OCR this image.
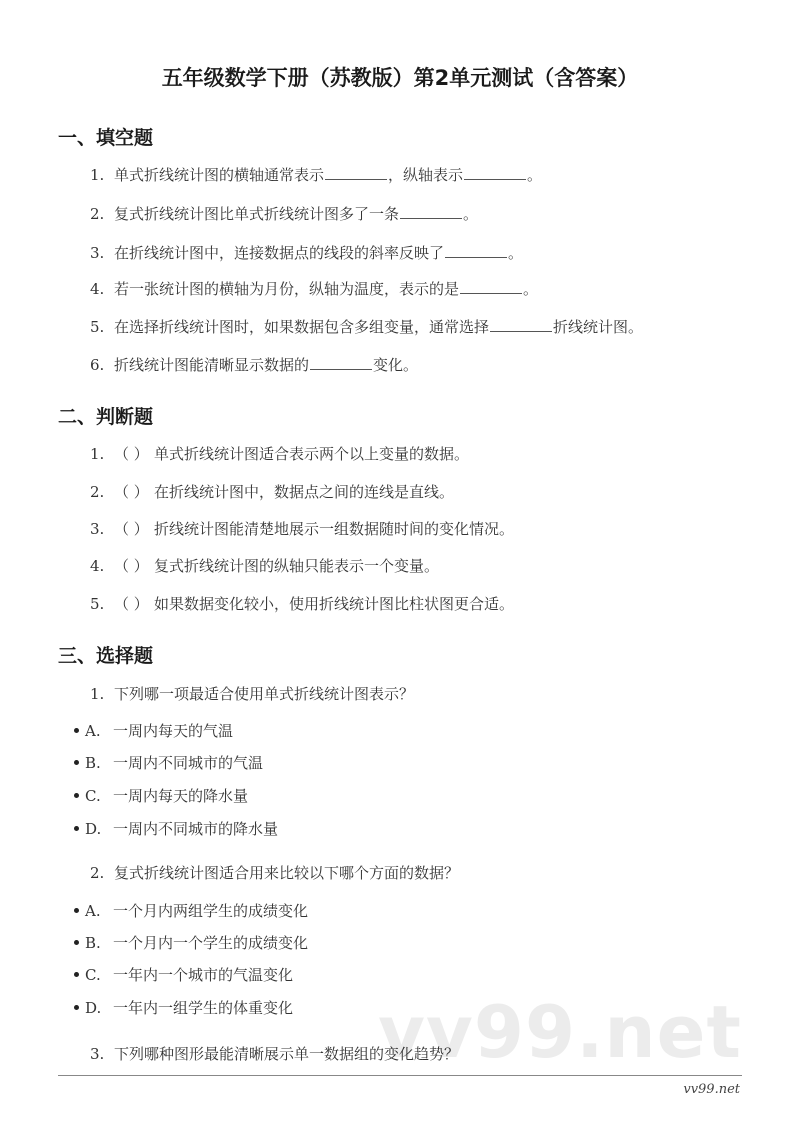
五年级数学下册（苏教版）第2单元测试（含答案）
一、填空题
1. 单式折线统计图的横轴通常表示	，纵轴表示	。
2. 复式折线统计图比单式折线统计图多了一条	。
3. 在折线统计图中，连接数据点的线段的斜率反映了	。
4. 若一张统计图的横轴为月份，纵轴为温度，表示的是	。
5. 在选择折线统计图时，如果数据包含多组变量，通常选择	折线统计图。
6. 折线统计图能清晰显示数据的	变化。
二、判断题
1. （ ） 单式折线统计图适合表示两个以上变量的数据。
2. （ ） 在折线统计图中，数据点之间的连线是直线。
3. （ ） 折线统计图能清楚地展示一组数据随时间的变化情况。
4. （ ） 复式折线统计图的纵轴只能表示一个变量。
5. （ ） 如果数据变化较小，使用折线统计图比柱状图更合适。
三、选择题
1. 下列哪一项最适合使用单式折线统计图表示？
A. 一周内每天的气温
B. 一周内不同城市的气温
C. 一周内每天的降水量
D. 一周内不同城市的降水量
2. 复式折线统计图适合用来比较以下哪个方面的数据？
A. 一个月内两组学生的成绩变化
B. 一个月内一个学生的成绩变化
C. 一年内一个城市的气温变化
D. 一年内一组学生的体重变化 vv99.net
3. 下列哪种图形最能清晰展示单一数据组的变化趋势？
vv99.net
